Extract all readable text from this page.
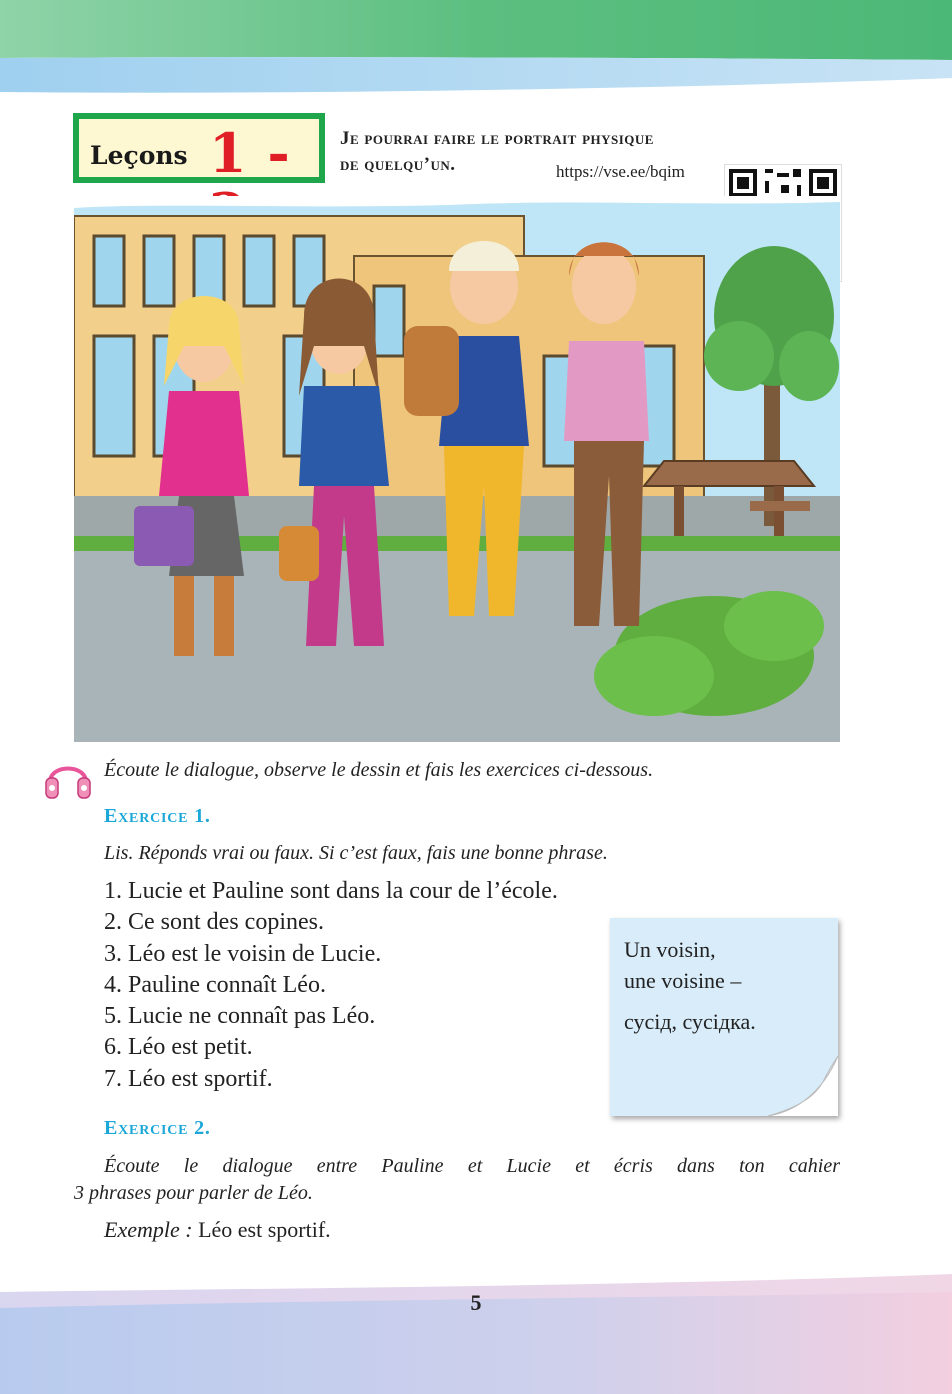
Leçons 1 -	Je pourrai faire le portrait physique
de quelqu’un.	https://vse.ee/bqim
Écoute le dialogue, observe le dessin et fais les exercices ci-dessous.
Exercice 1.
Lis. Réponds vrai ou faux. Si c’est faux, fais une bonne phrase.
1. Lucie et Pauline sont dans la cour de l’école.
2. Ce sont des copines.
3. Léo est le voisin de Lucie.
4. Pauline connaît Léo.
5. Lucie ne connaît pas Léo.
6. Léo est petit.
7. Léo est sportif.
Un voisin,
une voisine –
сусід, сусідка.
Exercice 2.
Écoute le dialogue entre Pauline et Lucie et écris dans ton cahier
3 phrases pour parler de Léo.
Exemple : Léo est sportif.
5
